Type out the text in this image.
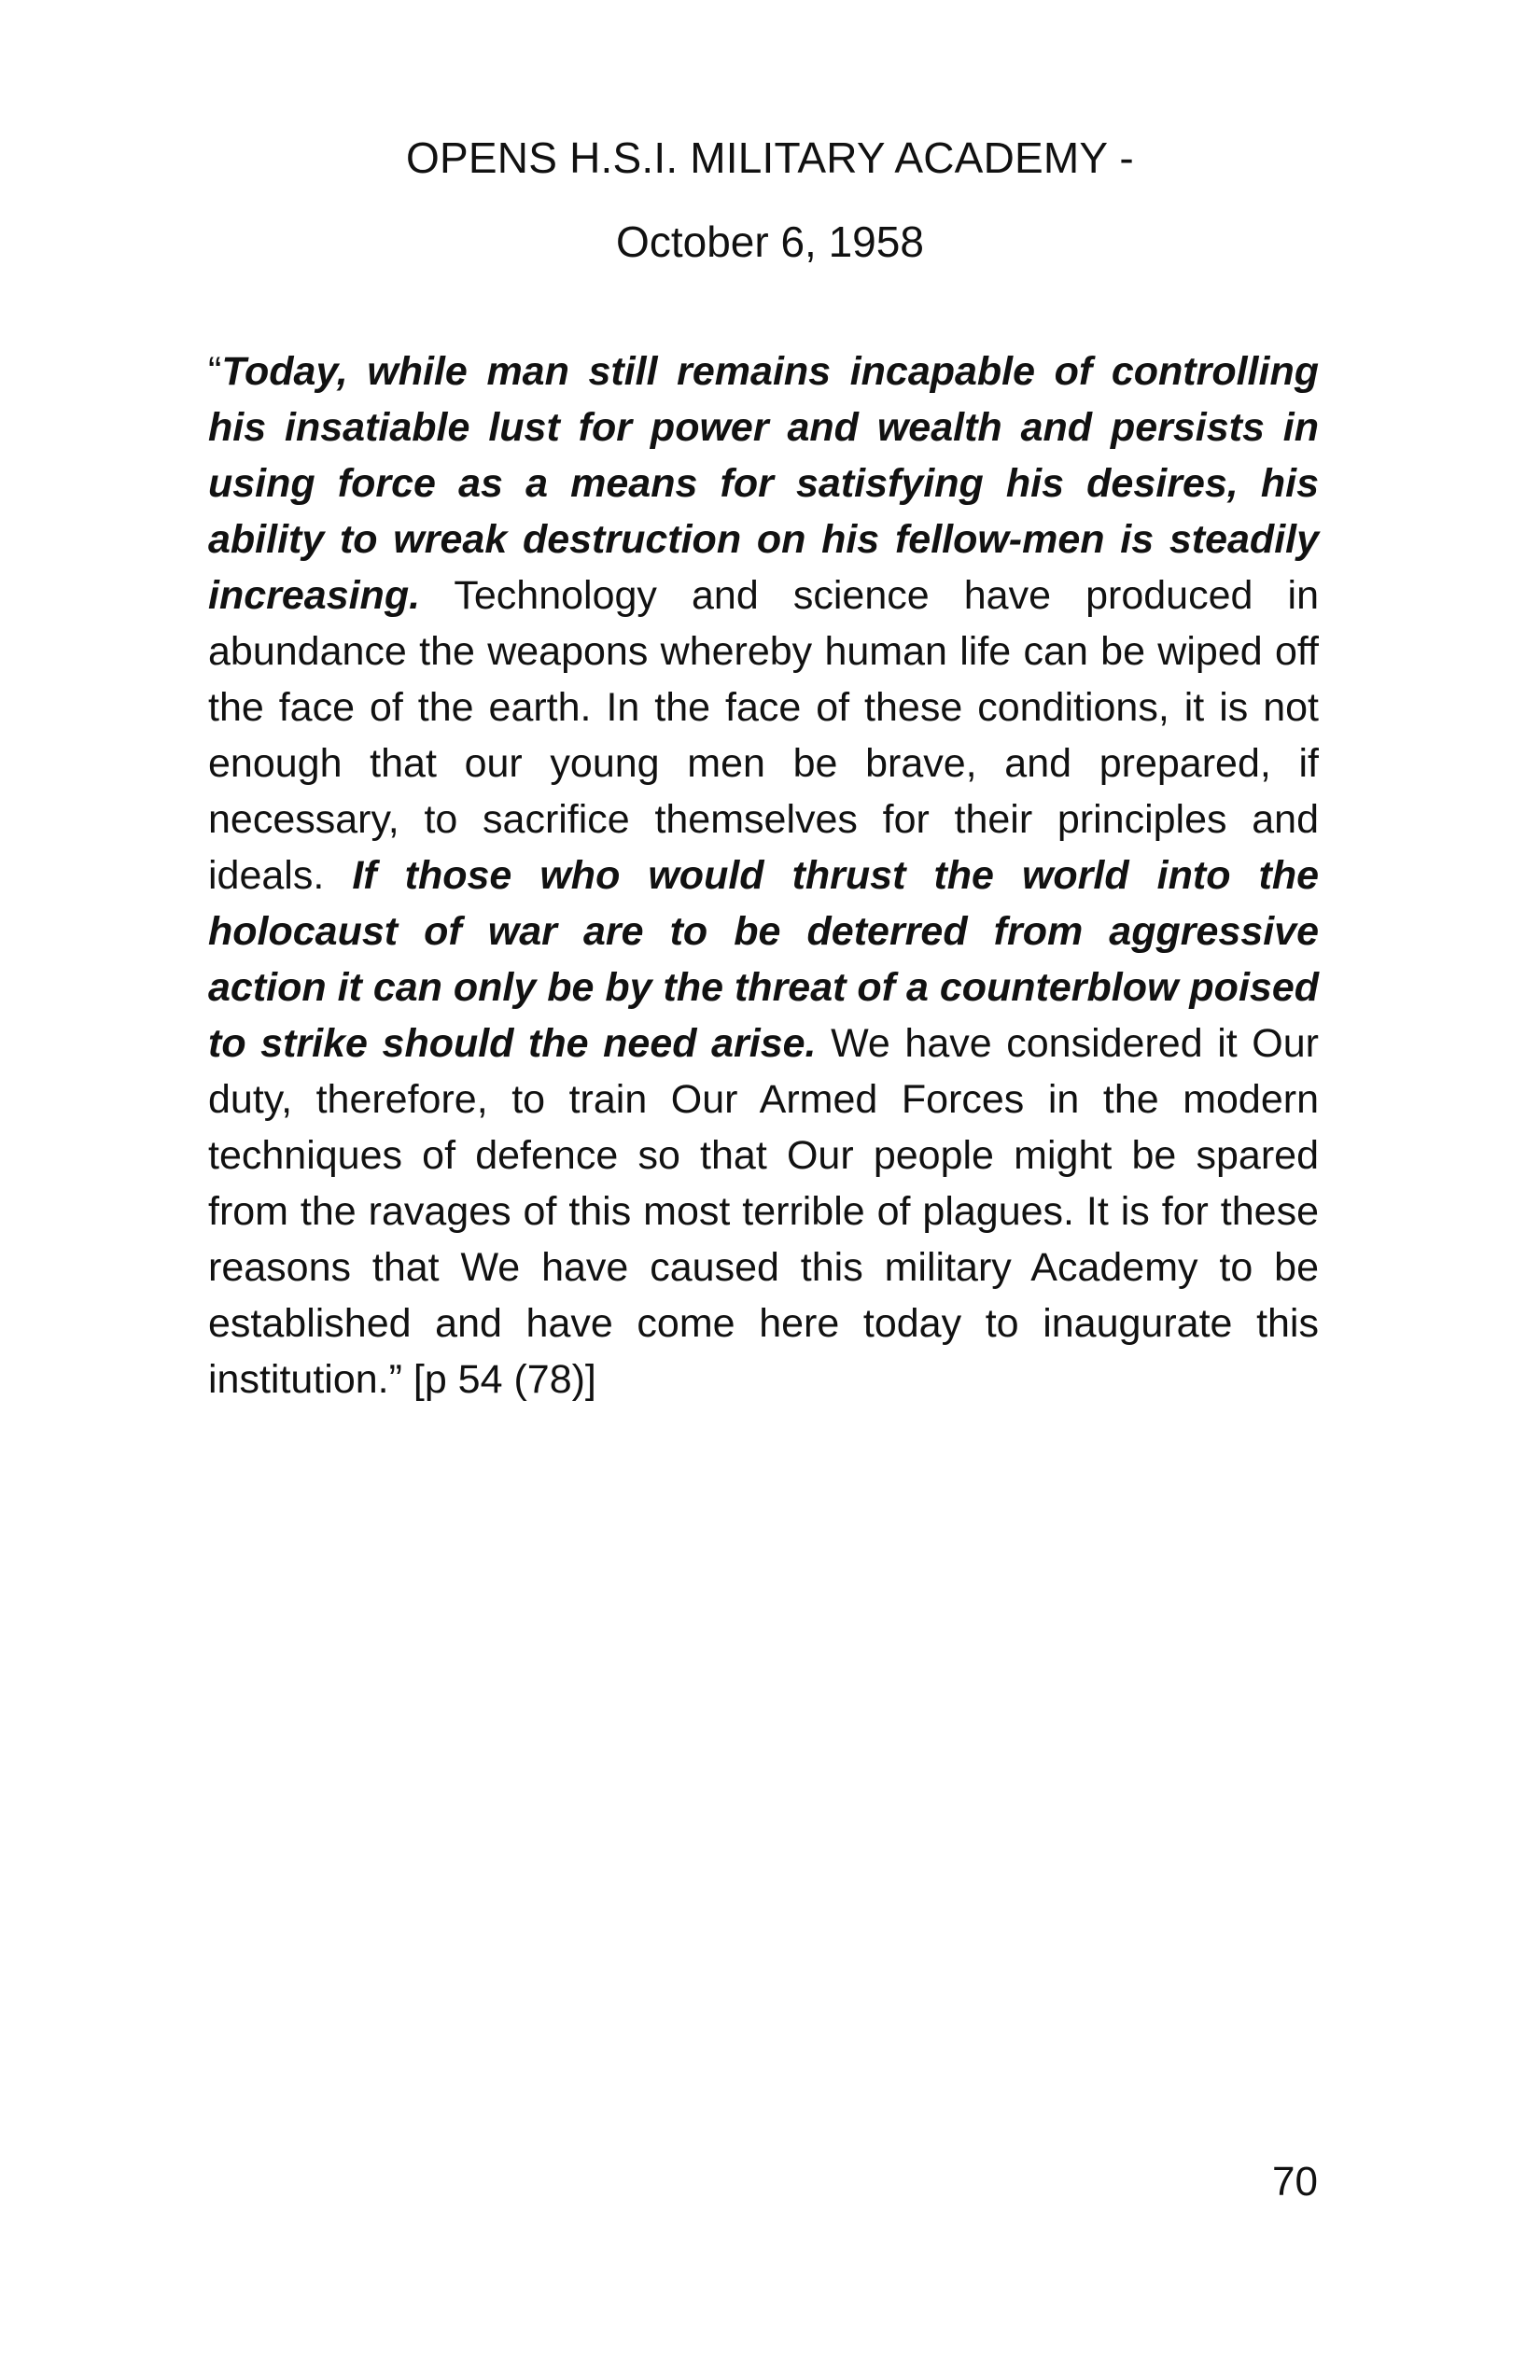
OPENS H.S.I. MILITARY ACADEMY -
October 6, 1958

“Today, while man still remains incapable of controlling his insatiable lust for power and wealth and persists in using force as a means for satisfying his desires, his ability to wreak destruction on his fellow-men is steadily increasing. Technology and science have produced in abundance the weapons whereby human life can be wiped off the face of the earth. In the face of these conditions, it is not enough that our young men be brave, and prepared, if necessary, to sacrifice themselves for their principles and ideals. If those who would thrust the world into the holocaust of war are to be deterred from aggressive action it can only be by the threat of a counterblow poised to strike should the need arise. We have considered it Our duty, therefore, to train Our Armed Forces in the modern techniques of defence so that Our people might be spared from the ravages of this most terrible of plagues. It is for these reasons that We have caused this military Academy to be established and have come here today to inaugurate this institution.” [p 54 (78)]

70
